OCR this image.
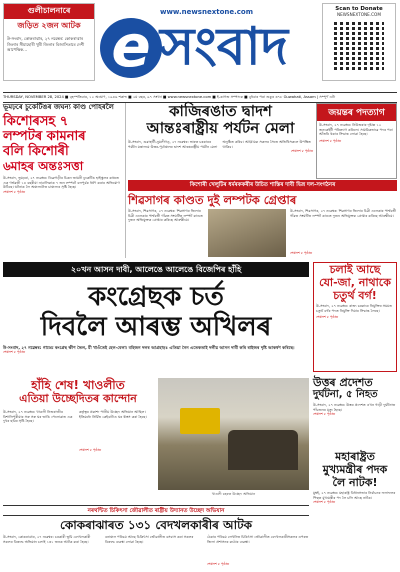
গুলীচালনাৰে
জড়িত ২জন আটক
উ-সংবাদ, কোকৰাঝাৰ, ২৭ নৱেম্বৰ: কোকৰাঝাৰ জিলাৰ সীমাহোৰী থুৰী জিলাৰ বিজাসিতাৰে দেশী আপেক্ষিক...
www.newsnextone.com
e সংবাদ
Scan to Donate
NEWSNEXTONE.COM
THURSDAY, NOVEMBER 28, 2024 ■ বৃহস্পতিবাৰ, ১২ অঘোণ, ১৯৪৬ শকাব্দ ■ ২য় বছৰ, ৯৭ সংখ্যা ■ www.newsnextone.com ■ ই-কাগজ সম্পাদক ■ বুধবাৰ পৰা শুকুৰ ৩৭৮ Guwahati, Assam | সম্পূৰ্ণ এটা
ভূমঢ়ৰে চুকেটিঙৰ জঘন্য কাণ্ড পোহৰলৈ
কিশোৰসহ ৭
লম্পটৰ কামনাৰ
বলি কিশোৰী
৬মাহৰ অন্তঃসত্তা
উ-সংবাদ, ভূমঢ়ৰা, ২৭ নৱেম্বৰ: ডিব্ৰুগড়ীৰ চিকন জামনী ঢুকেটিঙ হাইস্কুলৰ কাষতে এক গৰ্ভৱতী ১৪ বছৰীয়া নাবালিকাক ৭ জন লম্পটে বলপূৰ্বক ধৰ্ষণ কৰাৰ অভিযোগ উঠিছে। ঘটনাক লৈ অঞ্চলটোত চাঞ্চল্যৰ সৃষ্টি হৈছে।
শেষাংশ ৮ পৃষ্ঠাত
কাজিৰঙাত দ্বাদশ
আন্তঃৰাষ্ট্ৰীয় পৰ্যটন মেলা
উ-সংবাদ, গুৱাহাটী-নুমলীগড়, ২৭ নৱেম্বৰ: ভাৰত চৰকাৰৰ পৰ্যটন মন্ত্ৰালয়ে উত্তৰ-পূৰ্বাঞ্চলৰ দ্বাদশ আন্তঃৰাষ্ট্ৰীয় পৰ্যটন মেলা অনুষ্ঠিত কৰিব। আহ্বায়ক সকলৰ সৈতে অতিথিসকলে উপস্থিত থাকিব।
শেষাংশ ৮ পৃষ্ঠাত
জয়ন্তৰ পদত্যাগ
উ-সংবাদ, ২৭ নৱেম্বৰ: নিউজৰাৰ দৃষ্টান্ত ১২ জনকেইটী পৰিত্যাগ কৰিলে। সাময়িকভাৱে পদৰ পৰা আঁতৰি থকাৰ সিদ্ধান্ত লোৱা হৈছে।
শেষাংশ ৮ পৃষ্ঠাত
কিশোৰী খেলুটিৰ ধৰ্মৰককৰীৰ উচিত শাস্তিৰ দাবী ভিন্ন দল-সংগঠনৰ
শিৱসাগৰ কাণ্ডত দুই লম্পটক গ্ৰেপ্তাৰ
উ-সংবাদ, শিৱসাগৰ, ২৭ নৱেম্বৰ: শিৱসাগৰ জিলাৰ চিৱী এলেকাৰ পাৰ্শ্ববৰ্তী গাঁৱত সংঘটিত লম্পট কাণ্ডত দুজন অভিযুক্তক গ্ৰেপ্তাৰ কৰিছে আৰক্ষীয়ে।
উ-সংবাদ, শিৱসাগৰ, ২৭ নৱেম্বৰ: শিৱসাগৰ জিলাৰ চিৱী এলেকাৰ পাৰ্শ্ববৰ্তী গাঁৱত সংঘটিত লম্পট কাণ্ডত দুজন অভিযুক্তক গ্ৰেপ্তাৰ কৰিছে আৰক্ষীয়ে।
শেষাংশ ৮ পৃষ্ঠাত
২০খন আসন দাবী, আলেঙে আলেঙে বিজেপিৰ হাঁহি
কংগ্ৰেছক চৰ্ত
দিবলৈ আৰম্ভ অখিলৰ
উ-সংবাদ, ২৭ নৱেম্বৰ: গাড্ডে কংগ্ৰেছ ক্ষীণ ভৈল, মী খাওঁতেই হেল-বেলা। বহিজন দলৰ আগ্ৰহাড়ঃ এতিয়া নৈন এতেকতাই দলীয় আসন দাবী কৰি ৰাইজৰ দৃষ্টি আকৰ্ষণ কৰিছে।
শেষাংশ ৮ পৃষ্ঠাত
হাঁহি শেষ! খাওলীত
এতিয়া উচ্ছেদিতৰ কান্দোন
উ-সংবাদ, ২৭ নৱেম্বৰ: খাওলী নিজৰাজীৰ বিশালিপুৰীয়াৰ সৰু সৰু ঘৰ ভাঙি পেলোৱাত এক দুখৰ ছবিৰ সৃষ্টি হৈছে।
কৰ্তৃত্বৰ প্ৰকাশ্য পানীয় উচ্ছেদ অভিযান আছিল। ইতিমধ্যে নিৰ্মিত কেইবাটাও ঘৰ ধ্বংস কৰা হৈছে।
শেষাংশ ৮ পৃষ্ঠাত
খাওলী চহৰত উচ্ছেদ অভিযান
চলাই আছে
যো-জা, নাথাকে
চতুৰ্থ বৰ্গ!
উ-সংবাদ, ২৭ নৱেম্বৰ: ৰাজ্য চৰকাৰে নিযুক্তিৰ সময়ত চতুৰ্থ বৰ্গৰ পদত নিযুক্তি দিয়াৰ সিদ্ধান্ত লৈছে।
শেষাংশ ৮ পৃষ্ঠাত
উত্তৰ প্ৰদেশত
দুৰ্ঘটনা, ৫ নিহত
উ-সংবাদ, ২৭ নৱেম্বৰ: উত্তৰ প্ৰদেশত এখন গাড়ী দুৰ্ঘটনাত পাঁচজনৰ মৃত্যু হৈছে।
শেষাংশ ৮ পৃষ্ঠাত
মহাৰাষ্ট্ৰত
মুখ্যমন্ত্ৰীৰ পদক
লৈ নাটক!
মুম্বই, ২৭ নৱেম্বৰ: মহাৰাষ্ট্ৰ বিধানসভাৰ নিৰ্বাচনৰ ফলাফলৰ পিছত মুখ্যমন্ত্ৰীৰ পদ লৈ চলি আছে নাটক।
শেষাংশ ৮ পৃষ্ঠাত
নৰথন্টিত চিকিৎসা জৌৱালীত ৰাষ্ট্ৰীয় উদ্যানত উচ্ছেদ অভিযান
কোকৰাঝাৰত ১৩১ বেদখলকাৰীৰ আটক
উ-সংবাদ, কোকৰাঝাৰ, ২৭ নৱেম্বৰ: চৰকাৰী ভূমি বেদখলকাৰী সকলৰ বিৰুদ্ধে অভিযান চলাই ১৩১ জনক আটক কৰা হৈছে।
বনাঞ্চল পৰিচয় আছে চিকিৎসা জৌৱালীত বসবাস কৰা সকলৰ বিৰুদ্ধে ব্যৱস্থা লোৱা হৈছে।
ঠেকাৰ পৰিচয় লেখনিত চিকিৎসা জৌৱালীত বেদখলকাৰীসকলৰ ওপৰত জিলা প্ৰশাসনৰ কঠোৰ ব্যৱস্থা।
শেষাংশ ৮ পৃষ্ঠাত
